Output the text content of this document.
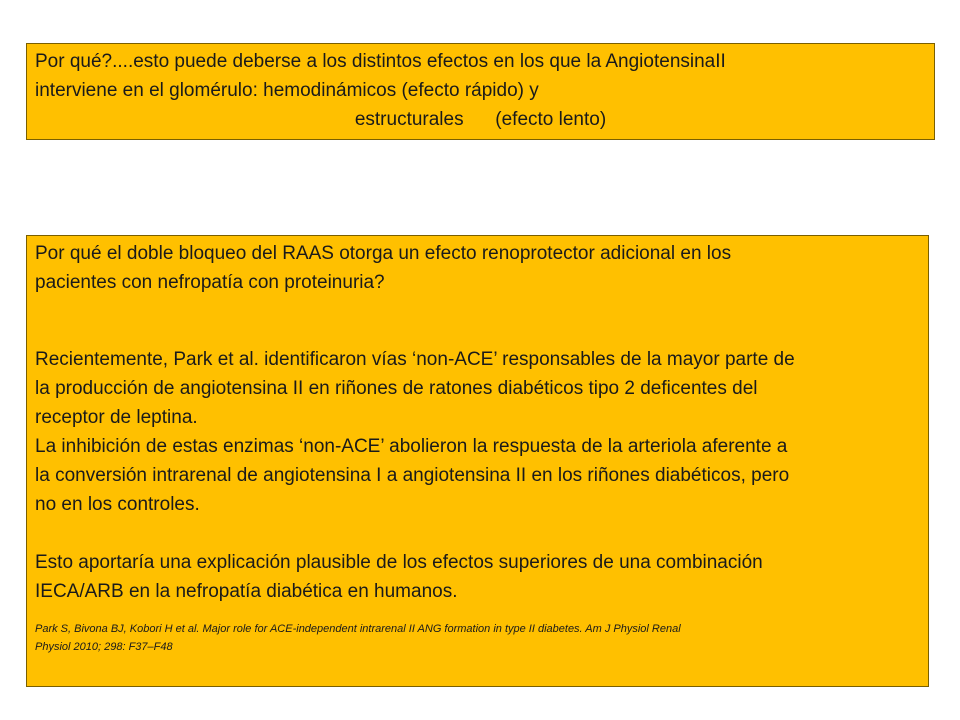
Por qué?....esto puede deberse a los distintos efectos en los que la AngiotensinaII
interviene en el glomérulo: hemodinámicos (efecto rápido) y
estructurales      (efecto lento)
Por qué el doble bloqueo del RAAS otorga un efecto renoprotector adicional en los
pacientes con nefropatía con proteinuria?
Recientemente, Park et al. identificaron vías ‘non-ACE’ responsables de la mayor parte de
la producción de angiotensina II en riñones de ratones diabéticos tipo 2 deficentes del
receptor de leptina.
La inhibición de estas enzimas ‘non-ACE’ abolieron la respuesta de la arteriola aferente a
la conversión intrarenal de angiotensina I a angiotensina II en los riñones diabéticos, pero
no en los controles.
Esto aportaría una explicación plausible de los efectos superiores de una combinación
IECA/ARB en la nefropatía diabética en humanos.
Park S, Bivona BJ, Kobori H et al. Major role for ACE-independent intrarenal II ANG formation in type II diabetes. Am J Physiol Renal
Physiol 2010; 298: F37–F48
